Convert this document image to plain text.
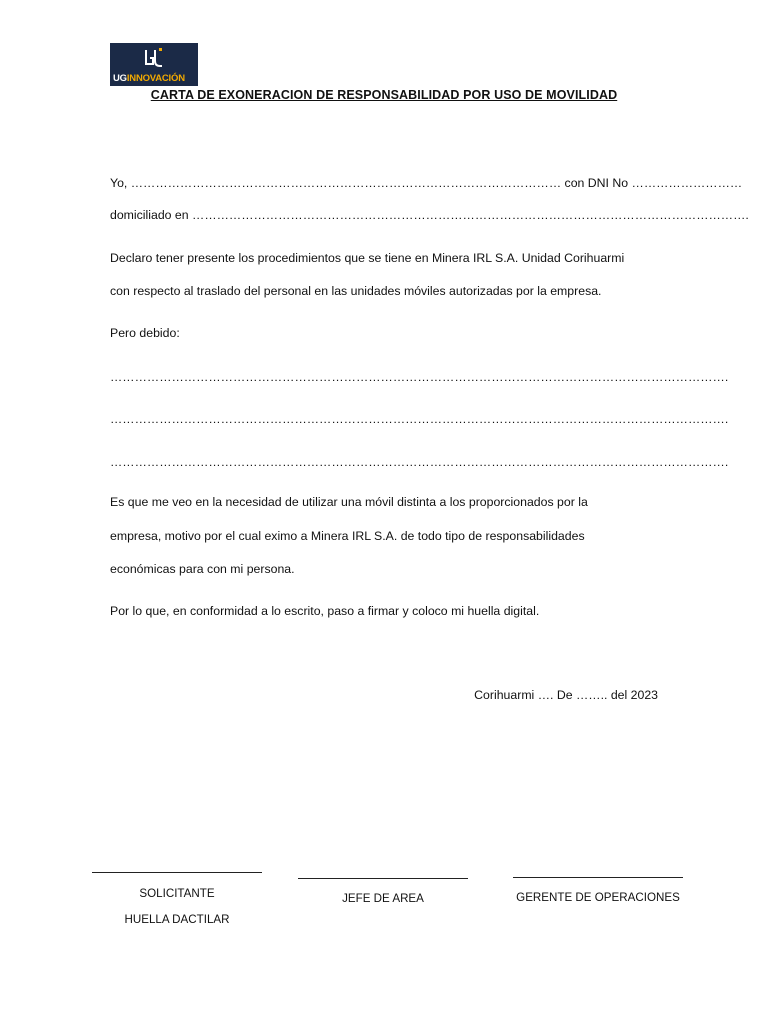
UGINNOVACIÓN
CARTA DE EXONERACION DE RESPONSABILIDAD POR USO DE MOVILIDAD
Yo, …………………………………………………………………………………………… con DNI No ………………………
domiciliado en ……………………………………………………………………………………………………………………….
Declaro tener presente los procedimientos que se tiene en Minera IRL S.A. Unidad Corihuarmi
con respecto al traslado del personal en las unidades móviles autorizadas por la empresa.
Pero debido:
…………………………………………………………………………………………………………………………………….
…………………………………………………………………………………………………………………………………….
…………………………………………………………………………………………………………………………………….
Es que me veo en la necesidad de utilizar una móvil distinta a los proporcionados por la
empresa, motivo por el cual eximo a Minera IRL S.A. de todo tipo de responsabilidades
económicas para con mi persona.
Por lo que, en conformidad a lo escrito, paso a firmar y coloco mi huella digital.
Corihuarmi …. De …….. del 2023
SOLICITANTE
HUELLA DACTILAR
JEFE DE AREA	GERENTE DE OPERACIONES
